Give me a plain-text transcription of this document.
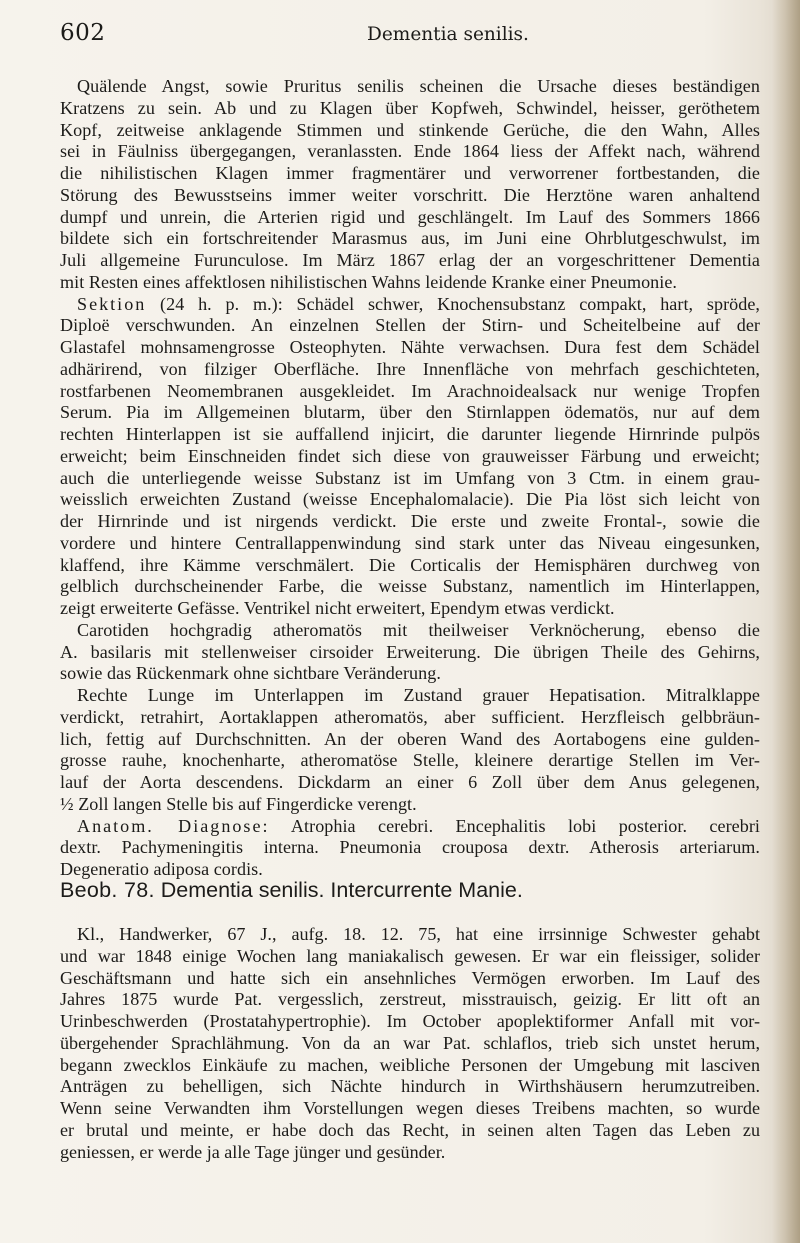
602	Dementia senilis.
Quälende Angst, sowie Pruritus senilis scheinen die Ursache dieses beständigen
Kratzens zu sein. Ab und zu Klagen über Kopfweh, Schwindel, heisser, geröthetem
Kopf, zeitweise anklagende Stimmen und stinkende Gerüche, die den Wahn, Alles
sei in Fäulniss übergegangen, veranlassten. Ende 1864 liess der Affekt nach, während
die nihilistischen Klagen immer fragmentärer und verworrener fortbestanden, die
Störung des Bewusstseins immer weiter vorschritt. Die Herztöne waren anhaltend
dumpf und unrein, die Arterien rigid und geschlängelt. Im Lauf des Sommers 1866
bildete sich ein fortschreitender Marasmus aus, im Juni eine Ohrblutgeschwulst, im
Juli allgemeine Furunculose. Im März 1867 erlag der an vorgeschrittener Dementia
mit Resten eines affektlosen nihilistischen Wahns leidende Kranke einer Pneumonie.
Sektion (24 h. p. m.): Schädel schwer, Knochensubstanz compakt, hart, spröde,
Diploë verschwunden. An einzelnen Stellen der Stirn- und Scheitelbeine auf der
Glastafel mohnsamengrosse Osteophyten. Nähte verwachsen. Dura fest dem Schädel
adhärirend, von filziger Oberfläche. Ihre Innenfläche von mehrfach geschichteten,
rostfarbenen Neomembranen ausgekleidet. Im Arachnoidealsack nur wenige Tropfen
Serum. Pia im Allgemeinen blutarm, über den Stirnlappen ödematös, nur auf dem
rechten Hinterlappen ist sie auffallend injicirt, die darunter liegende Hirnrinde pulpös
erweicht; beim Einschneiden findet sich diese von grauweisser Färbung und erweicht;
auch die unterliegende weisse Substanz ist im Umfang von 3 Ctm. in einem grau-
weisslich erweichten Zustand (weisse Encephalomalacie). Die Pia löst sich leicht von
der Hirnrinde und ist nirgends verdickt. Die erste und zweite Frontal-, sowie die
vordere und hintere Centrallappenwindung sind stark unter das Niveau eingesunken,
klaffend, ihre Kämme verschmälert. Die Corticalis der Hemisphären durchweg von
gelblich durchscheinender Farbe, die weisse Substanz, namentlich im Hinterlappen,
zeigt erweiterte Gefässe. Ventrikel nicht erweitert, Ependym etwas verdickt.
Carotiden hochgradig atheromatös mit theilweiser Verknöcherung, ebenso die
A. basilaris mit stellenweiser cirsoider Erweiterung. Die übrigen Theile des Gehirns,
sowie das Rückenmark ohne sichtbare Veränderung.
Rechte Lunge im Unterlappen im Zustand grauer Hepatisation. Mitralklappe
verdickt, retrahirt, Aortaklappen atheromatös, aber sufficient. Herzfleisch gelbbräun-
lich, fettig auf Durchschnitten. An der oberen Wand des Aortabogens eine gulden-
grosse rauhe, knochenharte, atheromatöse Stelle, kleinere derartige Stellen im Ver-
lauf der Aorta descendens. Dickdarm an einer 6 Zoll über dem Anus gelegenen,
½ Zoll langen Stelle bis auf Fingerdicke verengt.
Anatom. Diagnose: Atrophia cerebri. Encephalitis lobi posterior. cerebri
dextr. Pachymeningitis interna. Pneumonia crouposa dextr. Atherosis arteriarum.
Degeneratio adiposa cordis.
Beob. 78. Dementia senilis. Intercurrente Manie.
Kl., Handwerker, 67 J., aufg. 18. 12. 75, hat eine irrsinnige Schwester gehabt
und war 1848 einige Wochen lang maniakalisch gewesen. Er war ein fleissiger, solider
Geschäftsmann und hatte sich ein ansehnliches Vermögen erworben. Im Lauf des
Jahres 1875 wurde Pat. vergesslich, zerstreut, misstrauisch, geizig. Er litt oft an
Urinbeschwerden (Prostatahypertrophie). Im October apoplektiformer Anfall mit vor-
übergehender Sprachlähmung. Von da an war Pat. schlaflos, trieb sich unstet herum,
begann zwecklos Einkäufe zu machen, weibliche Personen der Umgebung mit lasciven
Anträgen zu behelligen, sich Nächte hindurch in Wirthshäusern herumzutreiben.
Wenn seine Verwandten ihm Vorstellungen wegen dieses Treibens machten, so wurde
er brutal und meinte, er habe doch das Recht, in seinen alten Tagen das Leben zu
geniessen, er werde ja alle Tage jünger und gesünder.
